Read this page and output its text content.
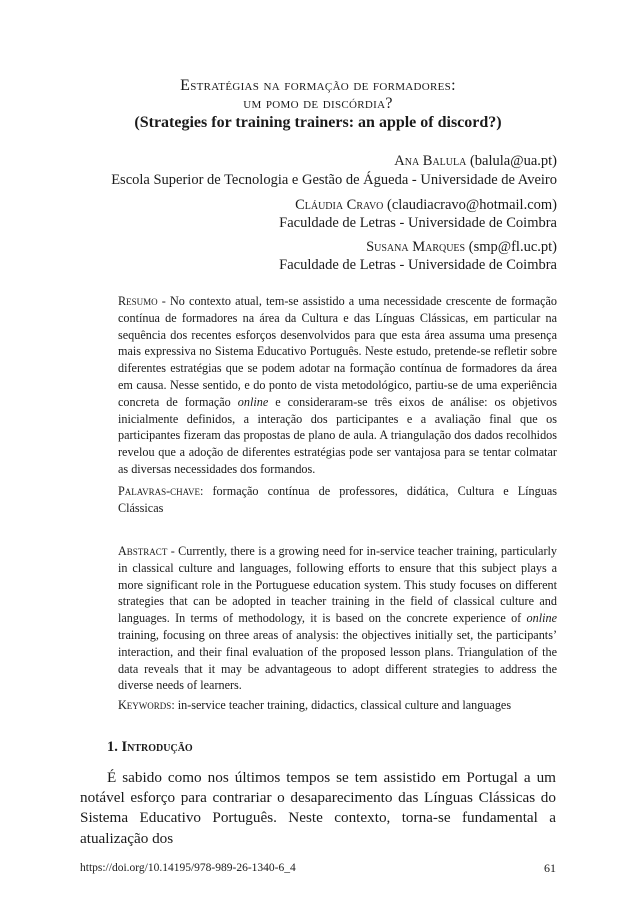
Estratégias na formação de formadores:
um pomo de discórdia?
(Strategies for training trainers: an apple of discord?)
Ana Balula (balula@ua.pt)
Escola Superior de Tecnologia e Gestão de Águeda - Universidade de Aveiro
Cláudia Cravo (claudiacravo@hotmail.com)
Faculdade de Letras - Universidade de Coimbra
Susana Marques (smp@fl.uc.pt)
Faculdade de Letras - Universidade de Coimbra
Resumo - No contexto atual, tem-se assistido a uma necessidade crescente de formação contínua de formadores na área da Cultura e das Línguas Clássicas, em particular na sequência dos recentes esforços desenvolvidos para que esta área assuma uma presença mais expressiva no Sistema Educativo Português. Neste estudo, pretende-se refletir sobre diferentes estratégias que se podem adotar na formação contínua de formadores da área em causa. Nesse sentido, e do ponto de vista metodológico, partiu-se de uma experiência concreta de formação online e consideraram-se três eixos de análise: os objetivos inicialmente definidos, a interação dos participantes e a avaliação final que os participantes fizeram das propostas de plano de aula. A triangulação dos dados recolhidos revelou que a adoção de diferentes estratégias pode ser vantajosa para se tentar colmatar as diversas necessidades dos formandos.
Palavras-chave: formação contínua de professores, didática, Cultura e Línguas Clássicas
Abstract - Currently, there is a growing need for in-service teacher training, particularly in classical culture and languages, following efforts to ensure that this subject plays a more significant role in the Portuguese education system. This study focuses on different strategies that can be adopted in teacher training in the field of classical culture and languages. In terms of methodology, it is based on the concrete experience of online training, focusing on three areas of analysis: the objectives initially set, the participants’ interaction, and their final evaluation of the proposed lesson plans. Triangulation of the data reveals that it may be advantageous to adopt different strategies to address the diverse needs of learners.
Keywords: in-service teacher training, didactics, classical culture and languages
1. Introdução
É sabido como nos últimos tempos se tem assistido em Portugal a um notável esforço para contrariar o desaparecimento das Línguas Clássicas do Sistema Educativo Português. Neste contexto, torna-se fundamental a atualização dos
https://doi.org/10.14195/978-989-26-1340-6_4	61
